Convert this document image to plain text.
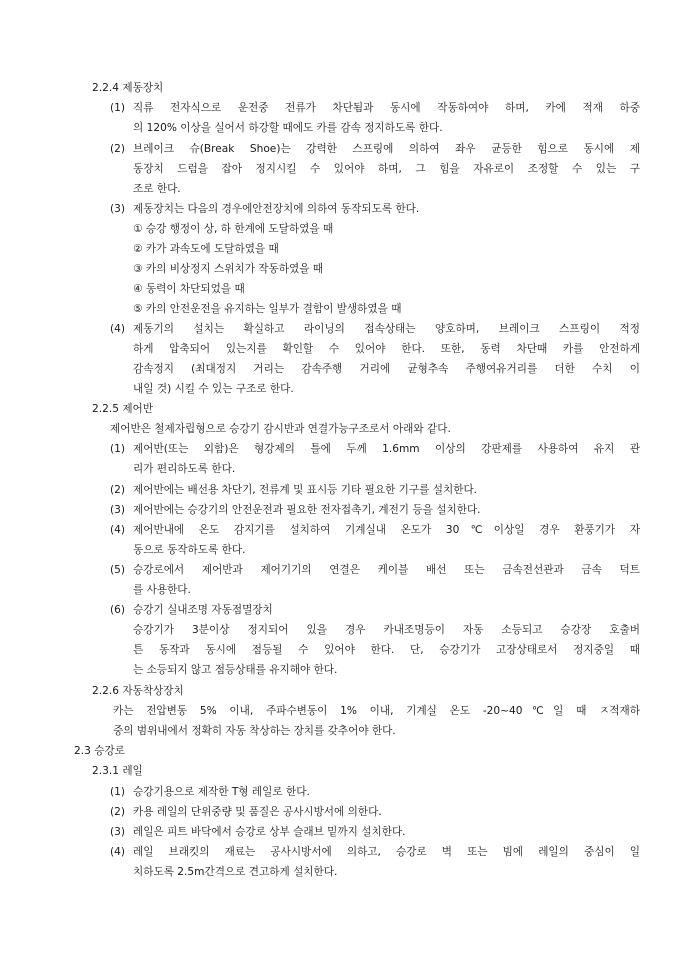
2.2.4 제동장치
(1) 직류 전자식으로 운전중 전류가 차단됨과 동시에 작동하여야 하며, 카에 적재 하중
의 120% 이상을 실어서 하강할 때에도 카를 감속 정지하도록 한다.
(2) 브레이크 슈(Break Shoe)는 강력한 스프링에 의하여 좌우 균등한 힘으로 동시에 제
동장치 드럼을 잡아 정지시킬 수 있어야 하며, 그 힘을 자유로이 조정할 수 있는 구
조로 한다.
(3) 제동장치는 다음의 경우에안전장치에 의하여 동작되도록 한다.
① 승강 행정이 상, 하 한계에 도달하였을 때
② 카가 과속도에 도달하였을 때
③ 카의 비상정지 스위치가 작동하였을 때
④ 동력이 차단되었을 때
⑤ 카의 안전운전을 유지하는 일부가 결함이 발생하였을 때
(4) 제동기의 설치는 확실하고 라이닝의 접속상태는 양호하며, 브레이크 스프링이 적정
하게 압축되어 있는지를 확인할 수 있어야 한다. 또한, 동력 차단때 카를 안전하게
감속정지 (최대정지 거리는 감속주행 거리에 균형추속 주행여유거리를 더한 수치 이
내일 것) 시킬 수 있는 구조로 한다.
2.2.5 제어반
제어반은 철제자립형으로 승강기 감시반과 연결가능구조로서 아래와 같다.
(1) 제어반(또는 외함)은 형강제의 틀에 두께 1.6mm 이상의 강판제를 사용하여 유지 관
리가 편리하도록 한다.
(2) 제어반에는 배선용 차단기, 전류계 및 표시등 기타 필요한 기구를 설치한다.
(3) 제어반에는 승강기의 안전운전과 필요한 전자접촉기, 계전기 등을 설치한다.
(4) 제어반내에 온도 감지기를 설치하여 기계실내 온도가 30℃이상일 경우 환풍기가 자
동으로 동작하도록 한다.
(5) 승강로에서 제어반과 제어기기의 연결은 케이블 배선 또는 금속전선관과 금속 덕트
를 사용한다.
(6) 승강기 실내조명 자동점멸장치
승강기가 3분이상 정지되어 있을 경우 카내조명등이 자동 소등되고 승강장 호출버
튼 동작과 동시에 점등될 수 있어야 한다. 단, 승강기가 고장상태로서 정지중일 때
는 소등되지 않고 점등상태를 유지해야 한다.
2.2.6 자동착상장치
카는 전압변동 5% 이내, 주파수변동이 1% 이내, 기계실 온도 -20~40℃일 때 ㅈ적재하
중의 범위내에서 정확히 자동 착상하는 장치를 갖추어야 한다.
2.3 승강로
2.3.1 레일
(1) 승강기용으로 제작한 T형 레일로 한다.
(2) 카용 레일의 단위중량 및 품질은 공사시방서에 의한다.
(3) 레일은 피트 바닥에서 승강로 상부 슬래브 밑까지 설치한다.
(4) 레일 브래킷의 재료는 공사시방서에 의하고, 승강로 벽 또는 빔에 레일의 중심이 일
치하도록 2.5m간격으로 견고하게 설치한다.
